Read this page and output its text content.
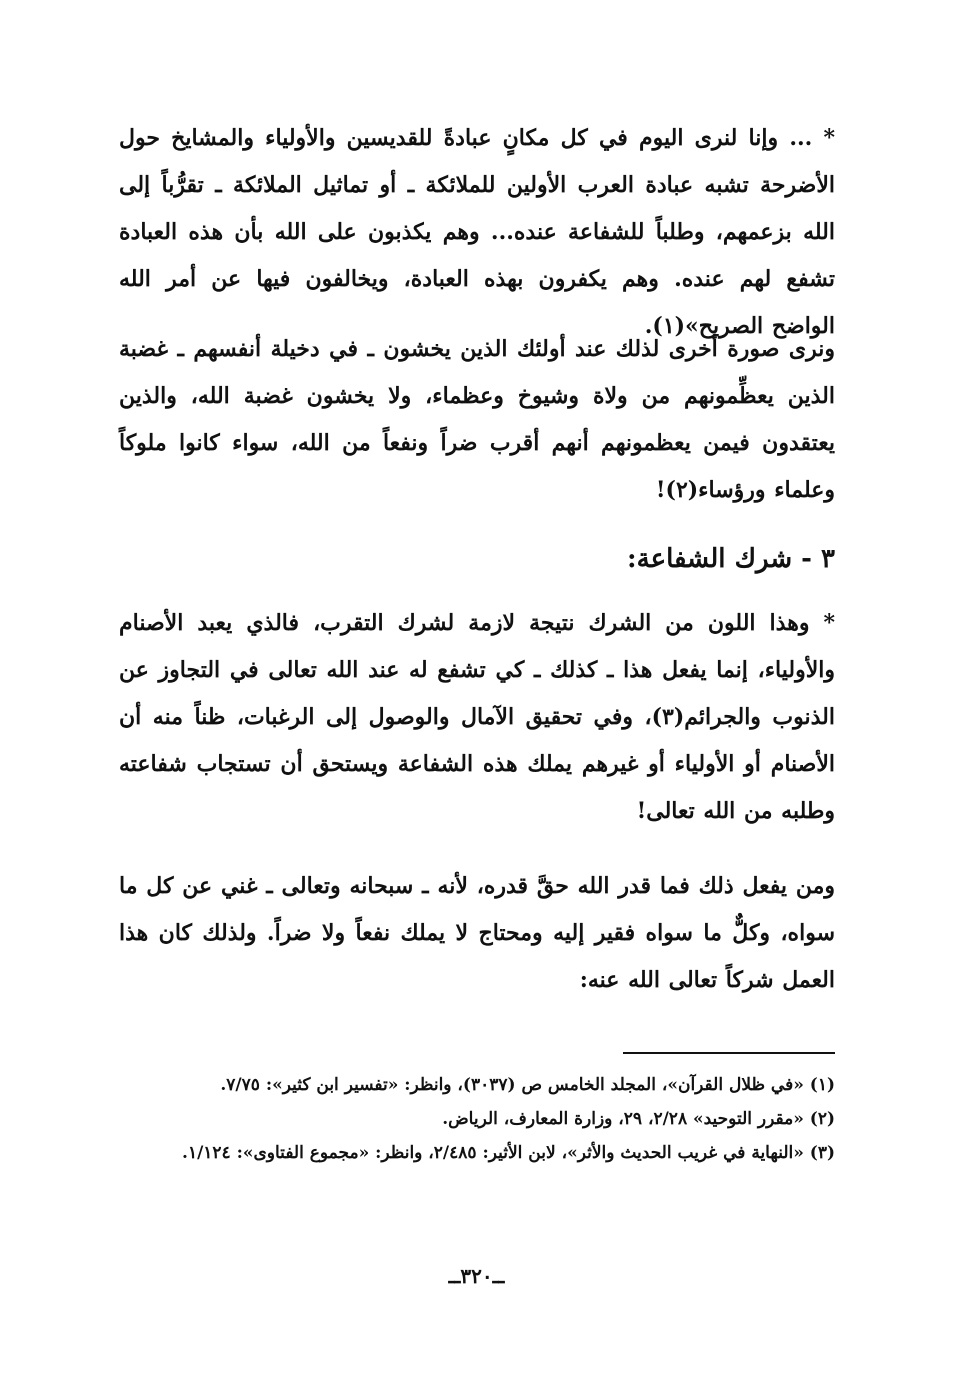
* ... وإنا لنرى اليوم في كل مكانٍ عبادةً للقديسين والأولياء والمشايخ حول الأضرحة تشبه عبادة العرب الأولين للملائكة ـ أو تماثيل الملائكة ـ تقرُّباً إلى الله بزعمهم، وطلباً للشفاعة عنده... وهم يكذبون على الله بأن هذه العبادة تشفع لهم عنده. وهم يكفرون بهذه العبادة، ويخالفون فيها عن أمر الله الواضح الصريح»(١).

ونرى صورة أخرى لذلك عند أولئك الذين يخشون ـ في دخيلة أنفسهم ـ غضبة الذين يعظِّمونهم من ولاة وشيوخ وعظماء، ولا يخشون غضبة الله، والذين يعتقدون فيمن يعظمونهم أنهم أقرب ضراً ونفعاً من الله، سواء كانوا ملوكاً وعلماء ورؤساء(٢)!

٣ - شرك الشفاعة:

* وهذا اللون من الشرك نتيجة لازمة لشرك التقرب، فالذي يعبد الأصنام والأولياء، إنما يفعل هذا ـ كذلك ـ كي تشفع له عند الله تعالى في التجاوز عن الذنوب والجرائم(٣)، وفي تحقيق الآمال والوصول إلى الرغبات، ظناً منه أن الأصنام أو الأولياء أو غيرهم يملك هذه الشفاعة ويستحق أن تستجاب شفاعته وطلبه من الله تعالى!

ومن يفعل ذلك فما قدر الله حقَّ قدره، لأنه ـ سبحانه وتعالى ـ غني عن كل ما سواه، وكلٌّ ما سواه فقير إليه ومحتاج لا يملك نفعاً ولا ضراً. ولذلك كان هذا العمل شركاً تعالى الله عنه:

(١) «في ظلال القرآن»، المجلد الخامس ص (٣٠٣٧)، وانظر: «تفسير ابن كثير»: ٧/٧٥.
(٢) «مقرر التوحيد» ٢/٢٨، ٢٩، وزارة المعارف، الرياض.
(٣) «النهاية في غريب الحديث والأثر»، لابن الأثير: ٢/٤٨٥، وانظر: «مجموع الفتاوى»: ١/١٢٤.
ــ٣٢٠ــ
